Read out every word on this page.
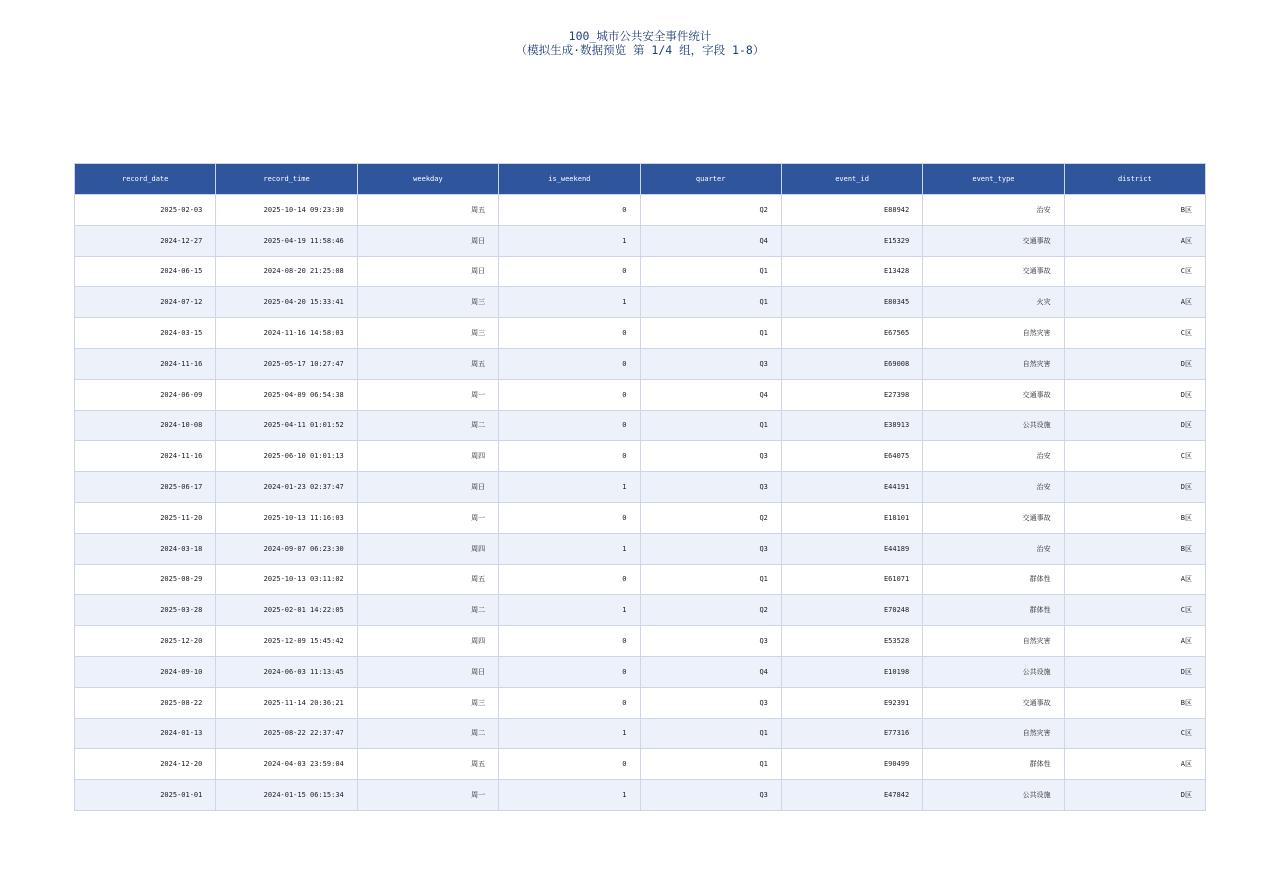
100_城市公共安全事件统计
（模拟生成·数据预览 第 1/4 组，字段 1-8）
record_date	record_time	weekday	is_weekend	quarter	event_id	event_type	district
2025-02-03	2025-10-14 09:23:30	周五	0	Q2	E88942	治安	B区
2024-12-27	2025-04-19 11:58:46	周日	1	Q4	E15329	交通事故	A区
2024-06-15	2024-08-20 21:25:08	周日	0	Q1	E13428	交通事故	C区
2024-07-12	2025-04-20 15:33:41	周三	1	Q1	E80345	火灾	A区
2024-03-15	2024-11-16 14:58:03	周三	0	Q1	E67565	自然灾害	C区
2024-11-16	2025-05-17 10:27:47	周五	0	Q3	E69008	自然灾害	D区
2024-06-09	2025-04-09 06:54:38	周一	0	Q4	E27398	交通事故	D区
2024-10-08	2025-04-11 01:01:52	周二	0	Q1	E38913	公共设施	D区
2024-11-16	2025-06-10 01:01:13	周四	0	Q3	E64075	治安	C区
2025-06-17	2024-01-23 02:37:47	周日	1	Q3	E44191	治安	D区
2025-11-20	2025-10-13 11:16:03	周一	0	Q2	E18101	交通事故	B区
2024-03-18	2024-09-07 06:23:30	周四	1	Q3	E44189	治安	B区
2025-08-29	2025-10-13 03:11:02	周五	0	Q1	E61071	群体性	A区
2025-03-28	2025-02-01 14:22:05	周二	1	Q2	E70248	群体性	C区
2025-12-20	2025-12-09 15:45:42	周四	0	Q3	E53528	自然灾害	A区
2024-09-10	2024-06-03 11:13:45	周日	0	Q4	E10198	公共设施	D区
2025-08-22	2025-11-14 20:36:21	周三	0	Q3	E92391	交通事故	B区
2024-01-13	2025-08-22 22:37:47	周二	1	Q1	E77316	自然灾害	C区
2024-12-20	2024-04-03 23:59:04	周五	0	Q1	E90499	群体性	A区
2025-01-01	2024-01-15 06:15:34	周一	1	Q3	E47842	公共设施	D区
